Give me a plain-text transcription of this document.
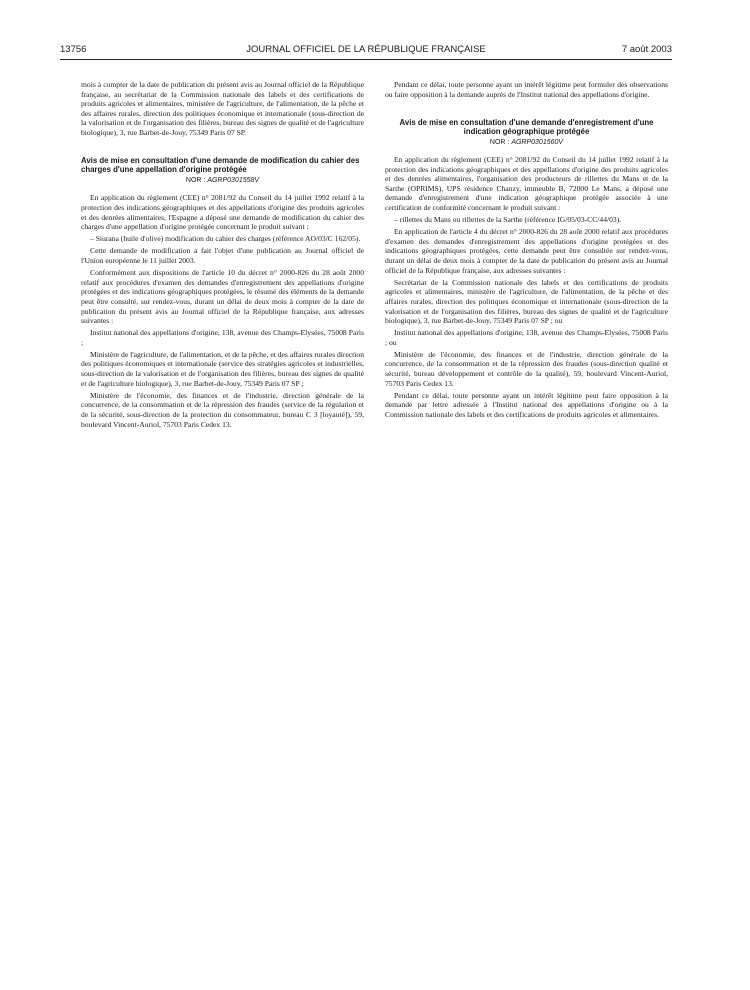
13756	JOURNAL OFFICIEL DE LA RÉPUBLIQUE FRANÇAISE	7 août 2003

mois à compter de la date de publication du présent avis au Journal officiel de la République française, au secrétariat de la Commission nationale des labels et des certifications de produits agricoles et alimentaires, ministère de l'agriculture, de l'alimentation, de la pêche et des affaires rurales, direction des politiques économique et internationale (sous-direction de la valorisation et de l'organisation des filières, bureau des signes de qualité et de l'agriculture biologique), 3, rue Barbet-de-Jouy, 75349 Paris 07 SP.

Avis de mise en consultation d'une demande de modification du cahier des charges d'une appellation d'origine protégée
NOR : AGRP0301558V

En application du règlement (CEE) n° 2081/92 du Conseil du 14 juillet 1992 relatif à la protection des indications géographiques et des appellations d'origine des produits agricoles et des denrées alimentaires, l'Espagne a déposé une demande de modification du cahier des charges d'une appellation d'origine protégée concernant le produit suivant :

– Siurana (huile d'olive) modification du cahier des charges (référence AO/03/C 162/05).

Cette demande de modification a fait l'objet d'une publication au Journal officiel de l'Union européenne le 11 juillet 2003.

Conformément aux dispositions de l'article 10 du décret n° 2000-826 du 28 août 2000 relatif aux procédures d'examen des demandes d'enregistrement des appellations d'origine protégées et des indications géographiques protégées, le résumé des éléments de la demande peut être consulté, sur rendez-vous, durant un délai de deux mois à compter de la date de publication du présent avis au Journal officiel de la République française, aux adresses suivantes :

Institut national des appellations d'origine, 138, avenue des Champs-Elysées, 75008 Paris ;

Ministère de l'agriculture, de l'alimentation, et de la pêche, et des affaires rurales direction des politiques économiques et internationale (service des stratégies agricoles et industrielles, sous-direction de la valorisation et de l'organisation des filières, bureau des signes de qualité et de l'agriculture biologique), 3, rue Barbet-de-Jouy, 75349 Paris 07 SP ;

Ministère de l'économie, des finances et de l'industrie, direction générale de la concurrence, de la consommation et de la répression des fraudes (service de la régulation et de la sécurité, sous-direction de la protection du consommateur, bureau C 3 [loyauté]), 59, boulevard Vincent-Auriol, 75703 Paris Cedex 13.

Pendant ce délai, toute personne ayant un intérêt légitime peut formuler des observations ou faire opposition à la demande auprès de l'Institut national des appellations d'origine.

Avis de mise en consultation d'une demande d'enregistrement d'une indication géographique protégée
NOR : AGRP0301560V

En application du règlement (CEE) n° 2081/92 du Conseil du 14 juillet 1992 relatif à la protection des indications géographiques et des appellations d'origine des produits agricoles et des denrées alimentaires, l'organisation des producteurs de rillettes du Mans et de la Sarthe (OPRIMS), UPS résidence Chanzy, immeuble B, 72000 Le Mans, a déposé une demande d'enregistrement d'une indication géographique protégée associée à une certification de conformité concernant le produit suivant :

– rillettes du Mans ou rillettes de la Sarthe (référence IG/05/03-CC/44/03).

En application de l'article 4 du décret n° 2000-826 du 28 août 2000 relatif aux procédures d'examen des demandes d'enregistrement des appellations d'origine protégées et des indications géographiques protégées, cette demande peut être consultée sur rendez-vous, durant un délai de deux mois à compter de la date de publication du présent avis au Journal officiel de la République française, aux adresses suivantes :

Secrétariat de la Commission nationale des labels et des certifications de produits agricoles et alimentaires, ministère de l'agriculture, de l'alimentation, de la pêche et des affaires rurales, direction des politiques économique et internationale (sous-direction de la valorisation et de l'organisation des filières, bureau des signes de qualité et de l'agriculture biologique), 3, rue Barbet-de-Jouy, 75349 Paris 07 SP ; ou

Institut national des appellations d'origine, 138, avenue des Champs-Elysées, 75008 Paris ; ou

Ministère de l'économie, des finances et de l'industrie, direction générale de la concurrence, de la consommation et de la répression des fraudes (sous-direction qualité et sécurité, bureau développement et contrôle de la qualité), 59, boulevard Vincent-Auriol, 75703 Paris Cedex 13.

Pendant ce délai, toute personne ayant un intérêt légitime peut faire opposition à la demande par lettre adressée à l'Institut national des appellations d'origine ou à la Commission nationale des labels et des certifications de produits agricoles et alimentaires.
